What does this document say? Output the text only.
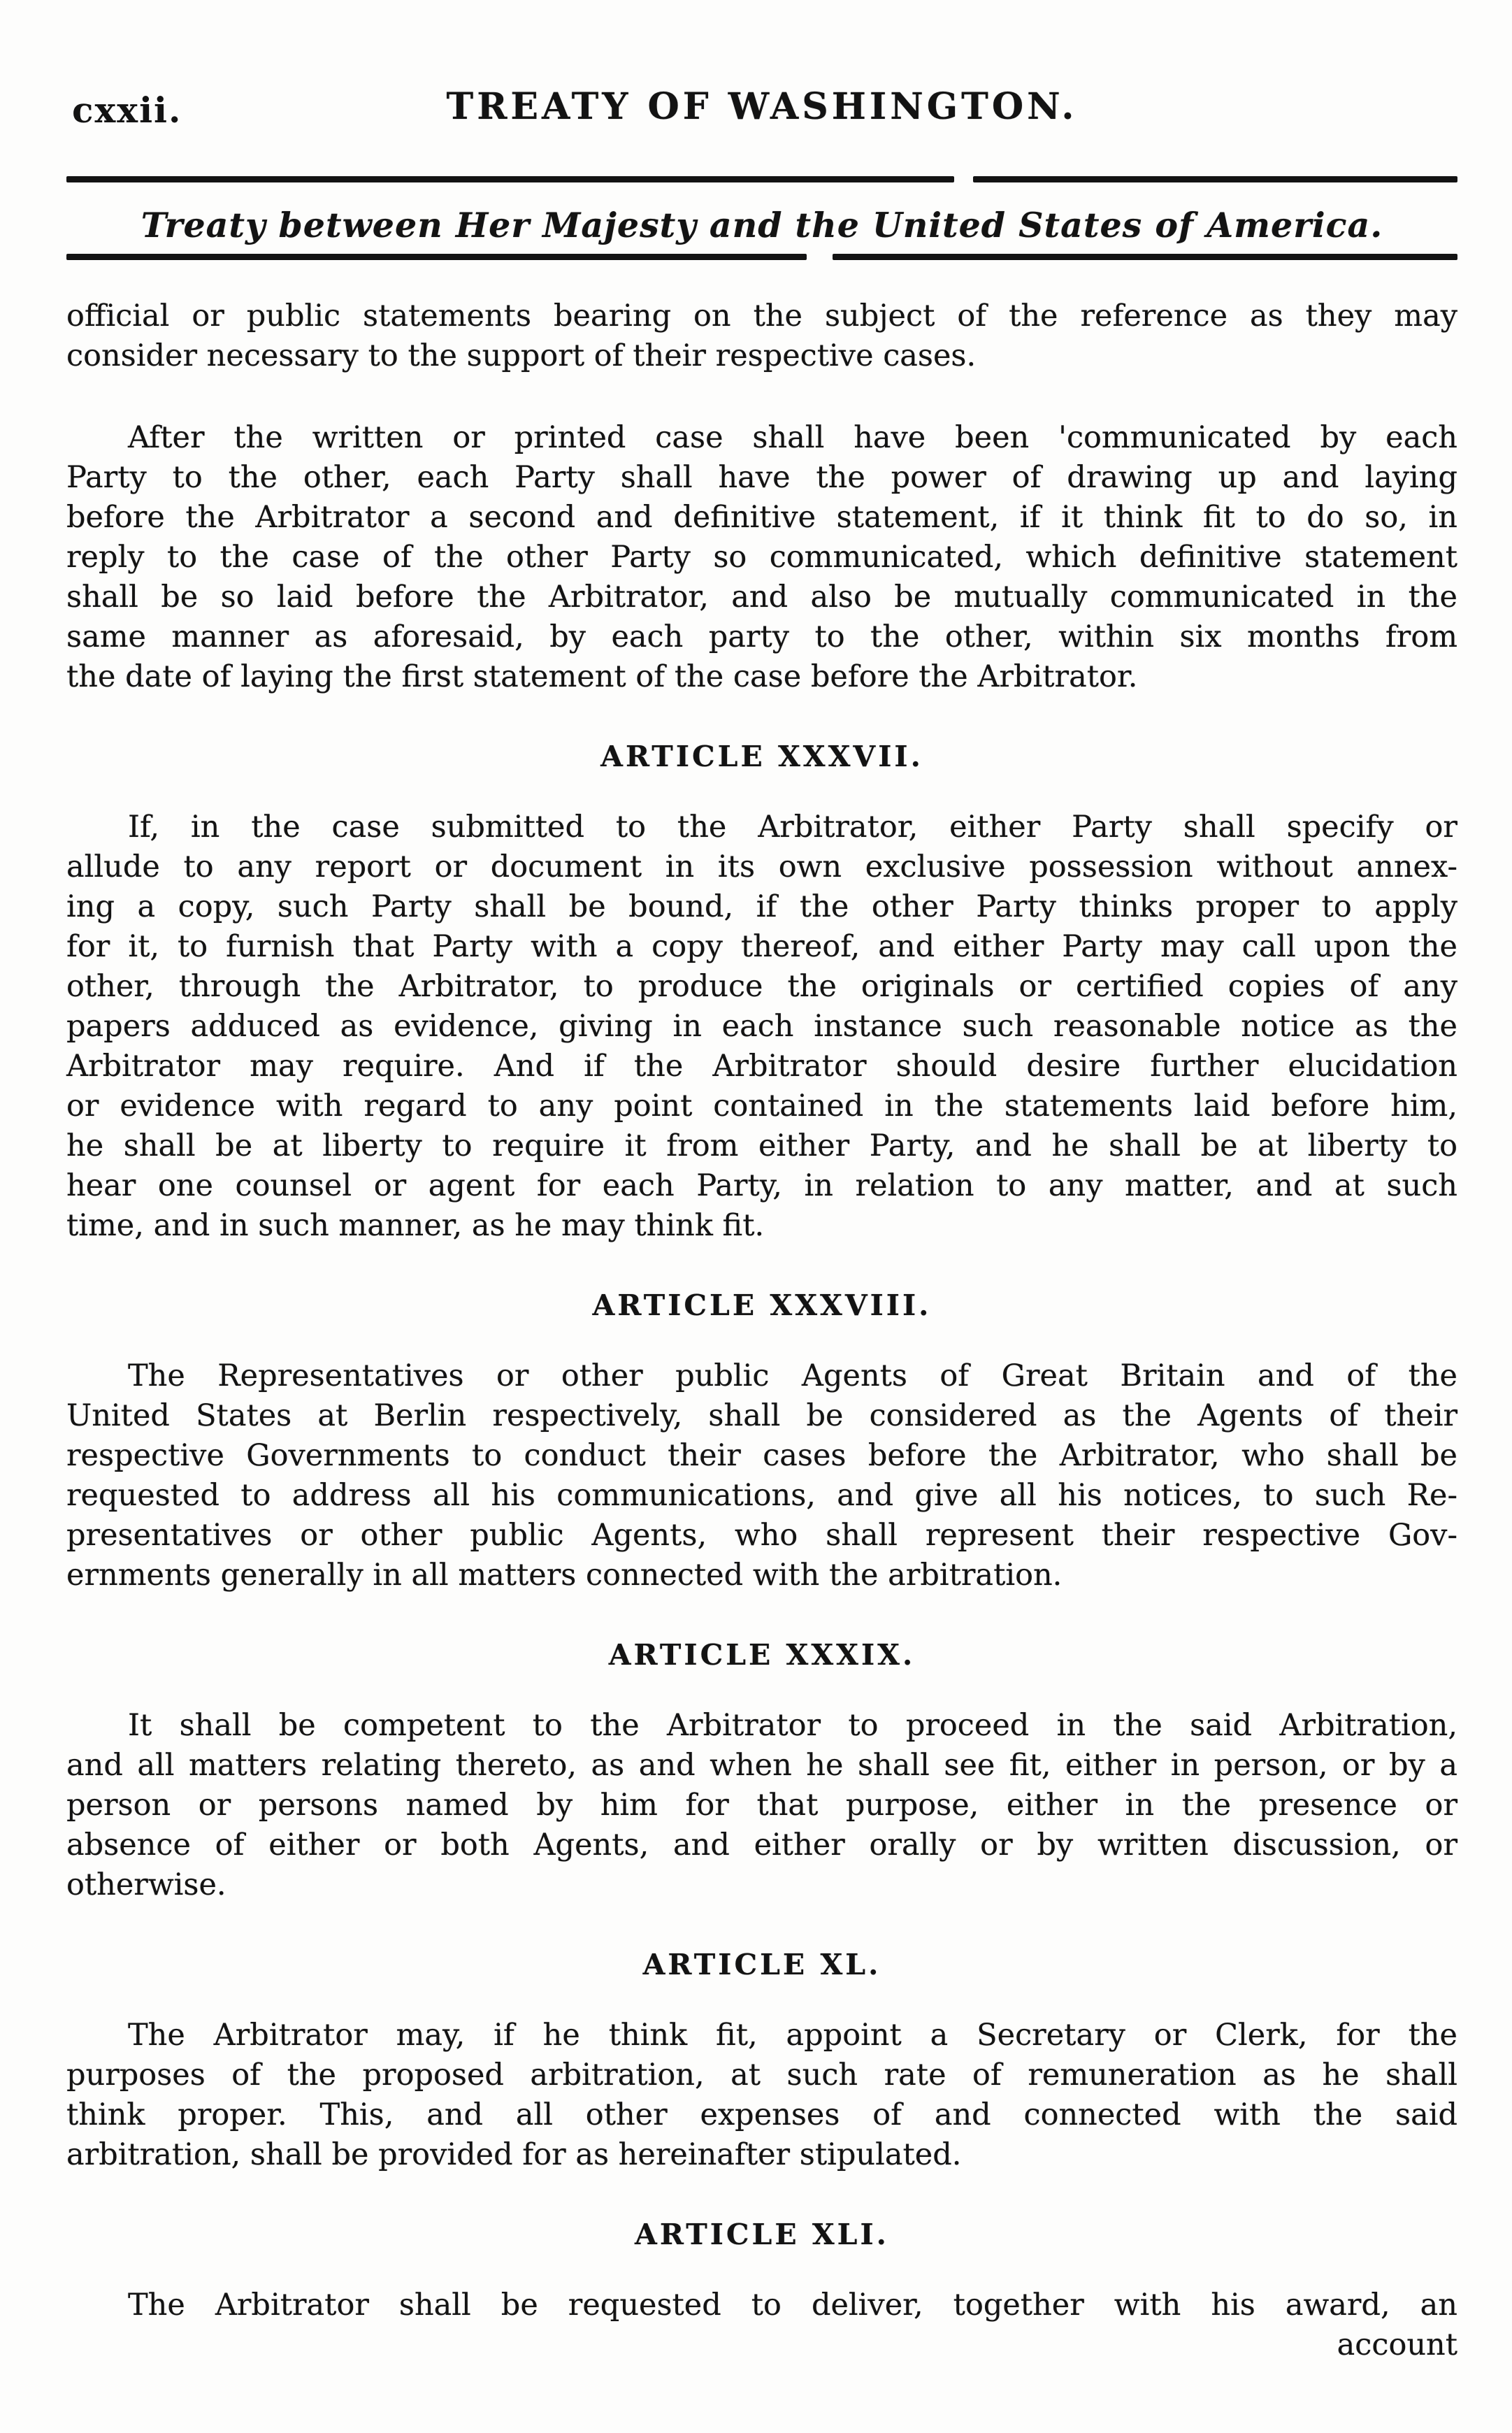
cxxii.	TREATY OF WASHINGTON.
Treaty between Her Majesty and the United States of America.
official or public statements bearing on the subject of the reference as they may
consider necessary to the support of their respective cases.
After the written or printed case shall have been 'communicated by each
Party to the other, each Party shall have the power of drawing up and laying
before the Arbitrator a second and definitive statement, if it think fit to do so, in
reply to the case of the other Party so communicated, which definitive statement
shall be so laid before the Arbitrator, and also be mutually communicated in the
same manner as aforesaid, by each party to the other, within six months from
the date of laying the first statement of the case before the Arbitrator.
ARTICLE XXXVII.
If, in the case submitted to the Arbitrator, either Party shall specify or
allude to any report or document in its own exclusive possession without annex-
ing a copy, such Party shall be bound, if the other Party thinks proper to apply
for it, to furnish that Party with a copy thereof, and either Party may call upon the
other, through the Arbitrator, to produce the originals or certified copies of any
papers adduced as evidence, giving in each instance such reasonable notice as the
Arbitrator may require. And if the Arbitrator should desire further elucidation
or evidence with regard to any point contained in the statements laid before him,
he shall be at liberty to require it from either Party, and he shall be at liberty to
hear one counsel or agent for each Party, in relation to any matter, and at such
time, and in such manner, as he may think fit.
ARTICLE XXXVIII.
The Representatives or other public Agents of Great Britain and of the
United States at Berlin respectively, shall be considered as the Agents of their
respective Governments to conduct their cases before the Arbitrator, who shall be
requested to address all his communications, and give all his notices, to such Re-
presentatives or other public Agents, who shall represent their respective Gov-
ernments generally in all matters connected with the arbitration.
ARTICLE XXXIX.
It shall be competent to the Arbitrator to proceed in the said Arbitration,
and all matters relating thereto, as and when he shall see fit, either in person, or by a
person or persons named by him for that purpose, either in the presence or
absence of either or both Agents, and either orally or by written discussion, or
otherwise.
ARTICLE XL.
The Arbitrator may, if he think fit, appoint a Secretary or Clerk, for the
purposes of the proposed arbitration, at such rate of remuneration as he shall
think proper. This, and all other expenses of and connected with the said
arbitration, shall be provided for as hereinafter stipulated.
ARTICLE XLI.
The Arbitrator shall be requested to deliver, together with his award, an
account
